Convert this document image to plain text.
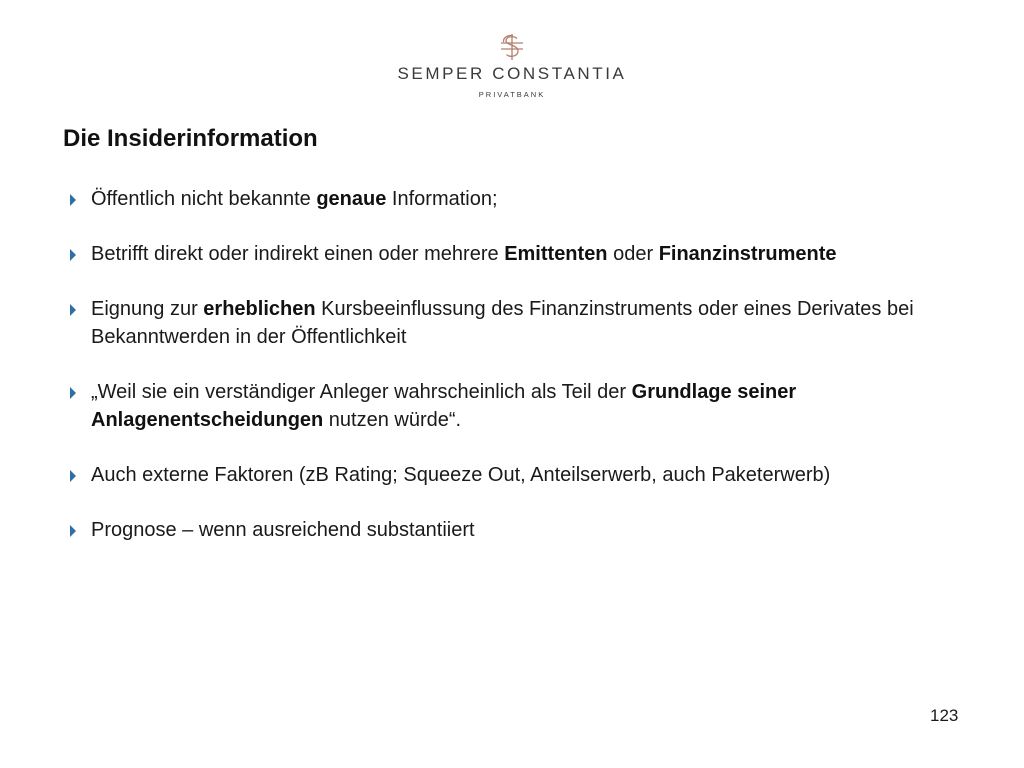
SEMPER CONSTANTIA
PRIVATBANK
Die Insiderinformation
Öffentlich nicht bekannte genaue Information;
Betrifft direkt oder indirekt einen oder mehrere Emittenten oder Finanzinstrumente
Eignung zur erheblichen Kursbeeinflussung des Finanzinstruments oder eines Derivates bei Bekanntwerden in der Öffentlichkeit
„Weil sie ein verständiger Anleger wahrscheinlich als Teil der Grundlage seiner Anlagenentscheidungen nutzen würde“.
Auch externe Faktoren (zB Rating; Squeeze Out, Anteilserwerb, auch Paketerwerb)
Prognose – wenn ausreichend substantiiert
123
